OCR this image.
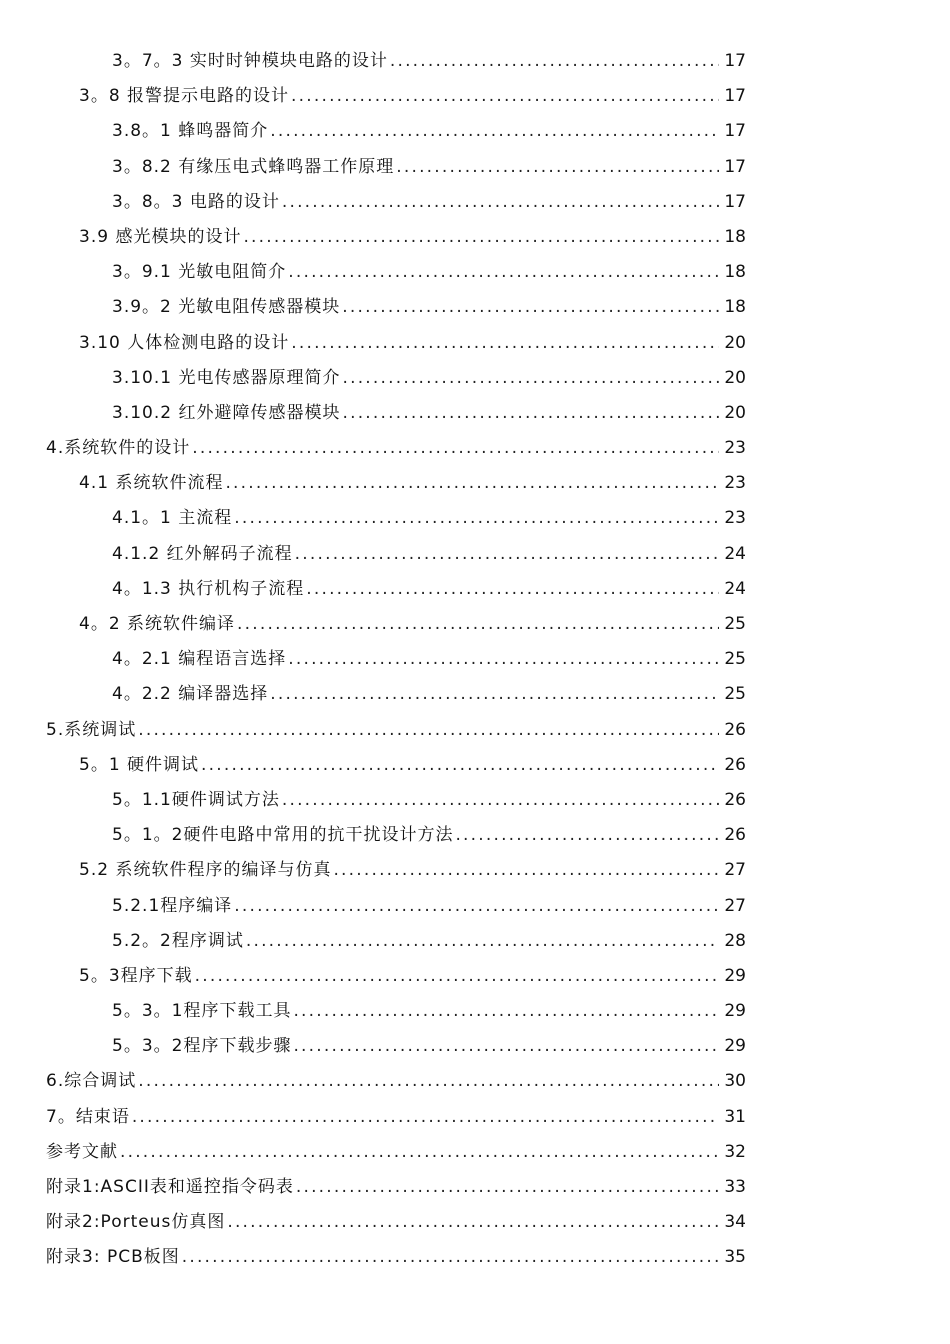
3。7。3 实时时钟模块电路的设计 .....	17
3。8 报警提示电路的设计 .....	17
3.8。1 蜂鸣器简介 .....	17
3。8.2 有缘压电式蜂鸣器工作原理 .....	17
3。8。3 电路的设计 .....	17
3.9 感光模块的设计 .....	18
3。9.1 光敏电阻简介 .....	18
3.9。2 光敏电阻传感器模块 .....	18
3.10 人体检测电路的设计 .....	20
3.10.1 光电传感器原理简介 .....	20
3.10.2 红外避障传感器模块 .....	20
4.系统软件的设计 .....	23
4.1 系统软件流程 .....	23
4.1。1 主流程 .....	23
4.1.2 红外解码子流程 .....	24
4。1.3 执行机构子流程 .....	24
4。2 系统软件编译 .....	25
4。2.1 编程语言选择 .....	25
4。2.2 编译器选择 .....	25
5.系统调试 .....	26
5。1 硬件调试 .....	26
5。1.1硬件调试方法 .....	26
5。1。2硬件电路中常用的抗干扰设计方法 .....	26
5.2 系统软件程序的编译与仿真 .....	27
5.2.1程序编译 .....	27
5.2。2程序调试 .....	28
5。3程序下载 .....	29
5。3。1程序下载工具 .....	29
5。3。2程序下载步骤 .....	29
6.综合调试 .....	30
7。结束语 .....	31
参考文献 .....	32
附录1:ASCII表和遥控指令码表 .....	33
附录2:Porteus仿真图 .....	34
附录3: PCB板图 .....	35
